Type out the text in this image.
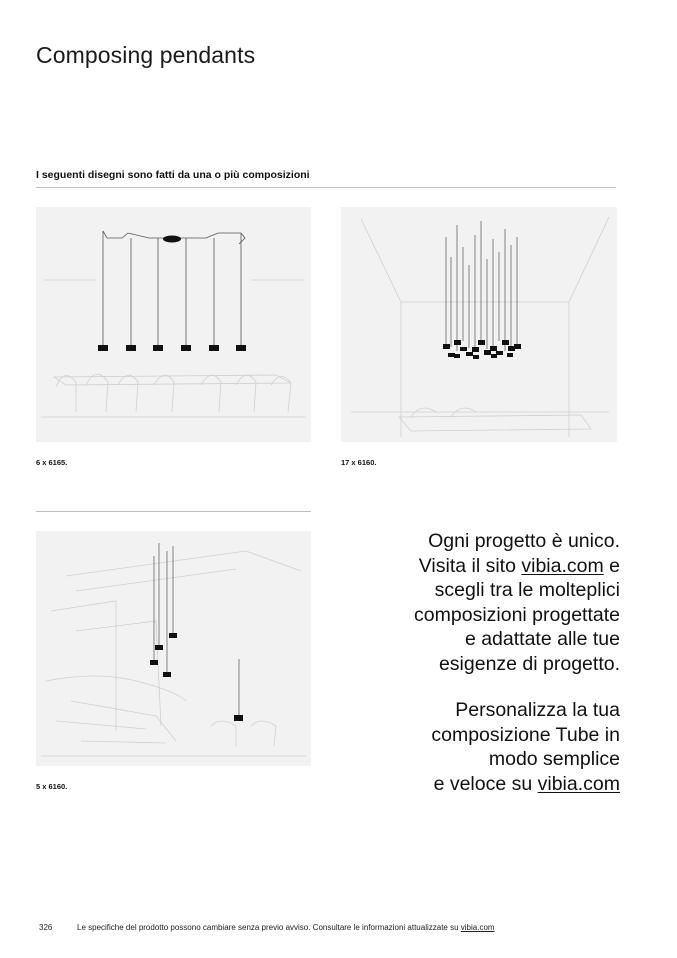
Composing pendants
I seguenti disegni sono fatti da una o più composizioni
6 x 6165.	17 x 6160.
5 x 6160.
Ogni progetto è unico.
Visita il sito vibia.com e
scegli tra le molteplici
composizioni progettate
e adattate alle tue
esigenze di progetto.
Personalizza la tua
composizione Tube in
modo semplice
e veloce su vibia.com
326	Le specifiche del prodotto possono cambiare senza previo avviso. Consultare le informazioni attualizzate su vibia.com
